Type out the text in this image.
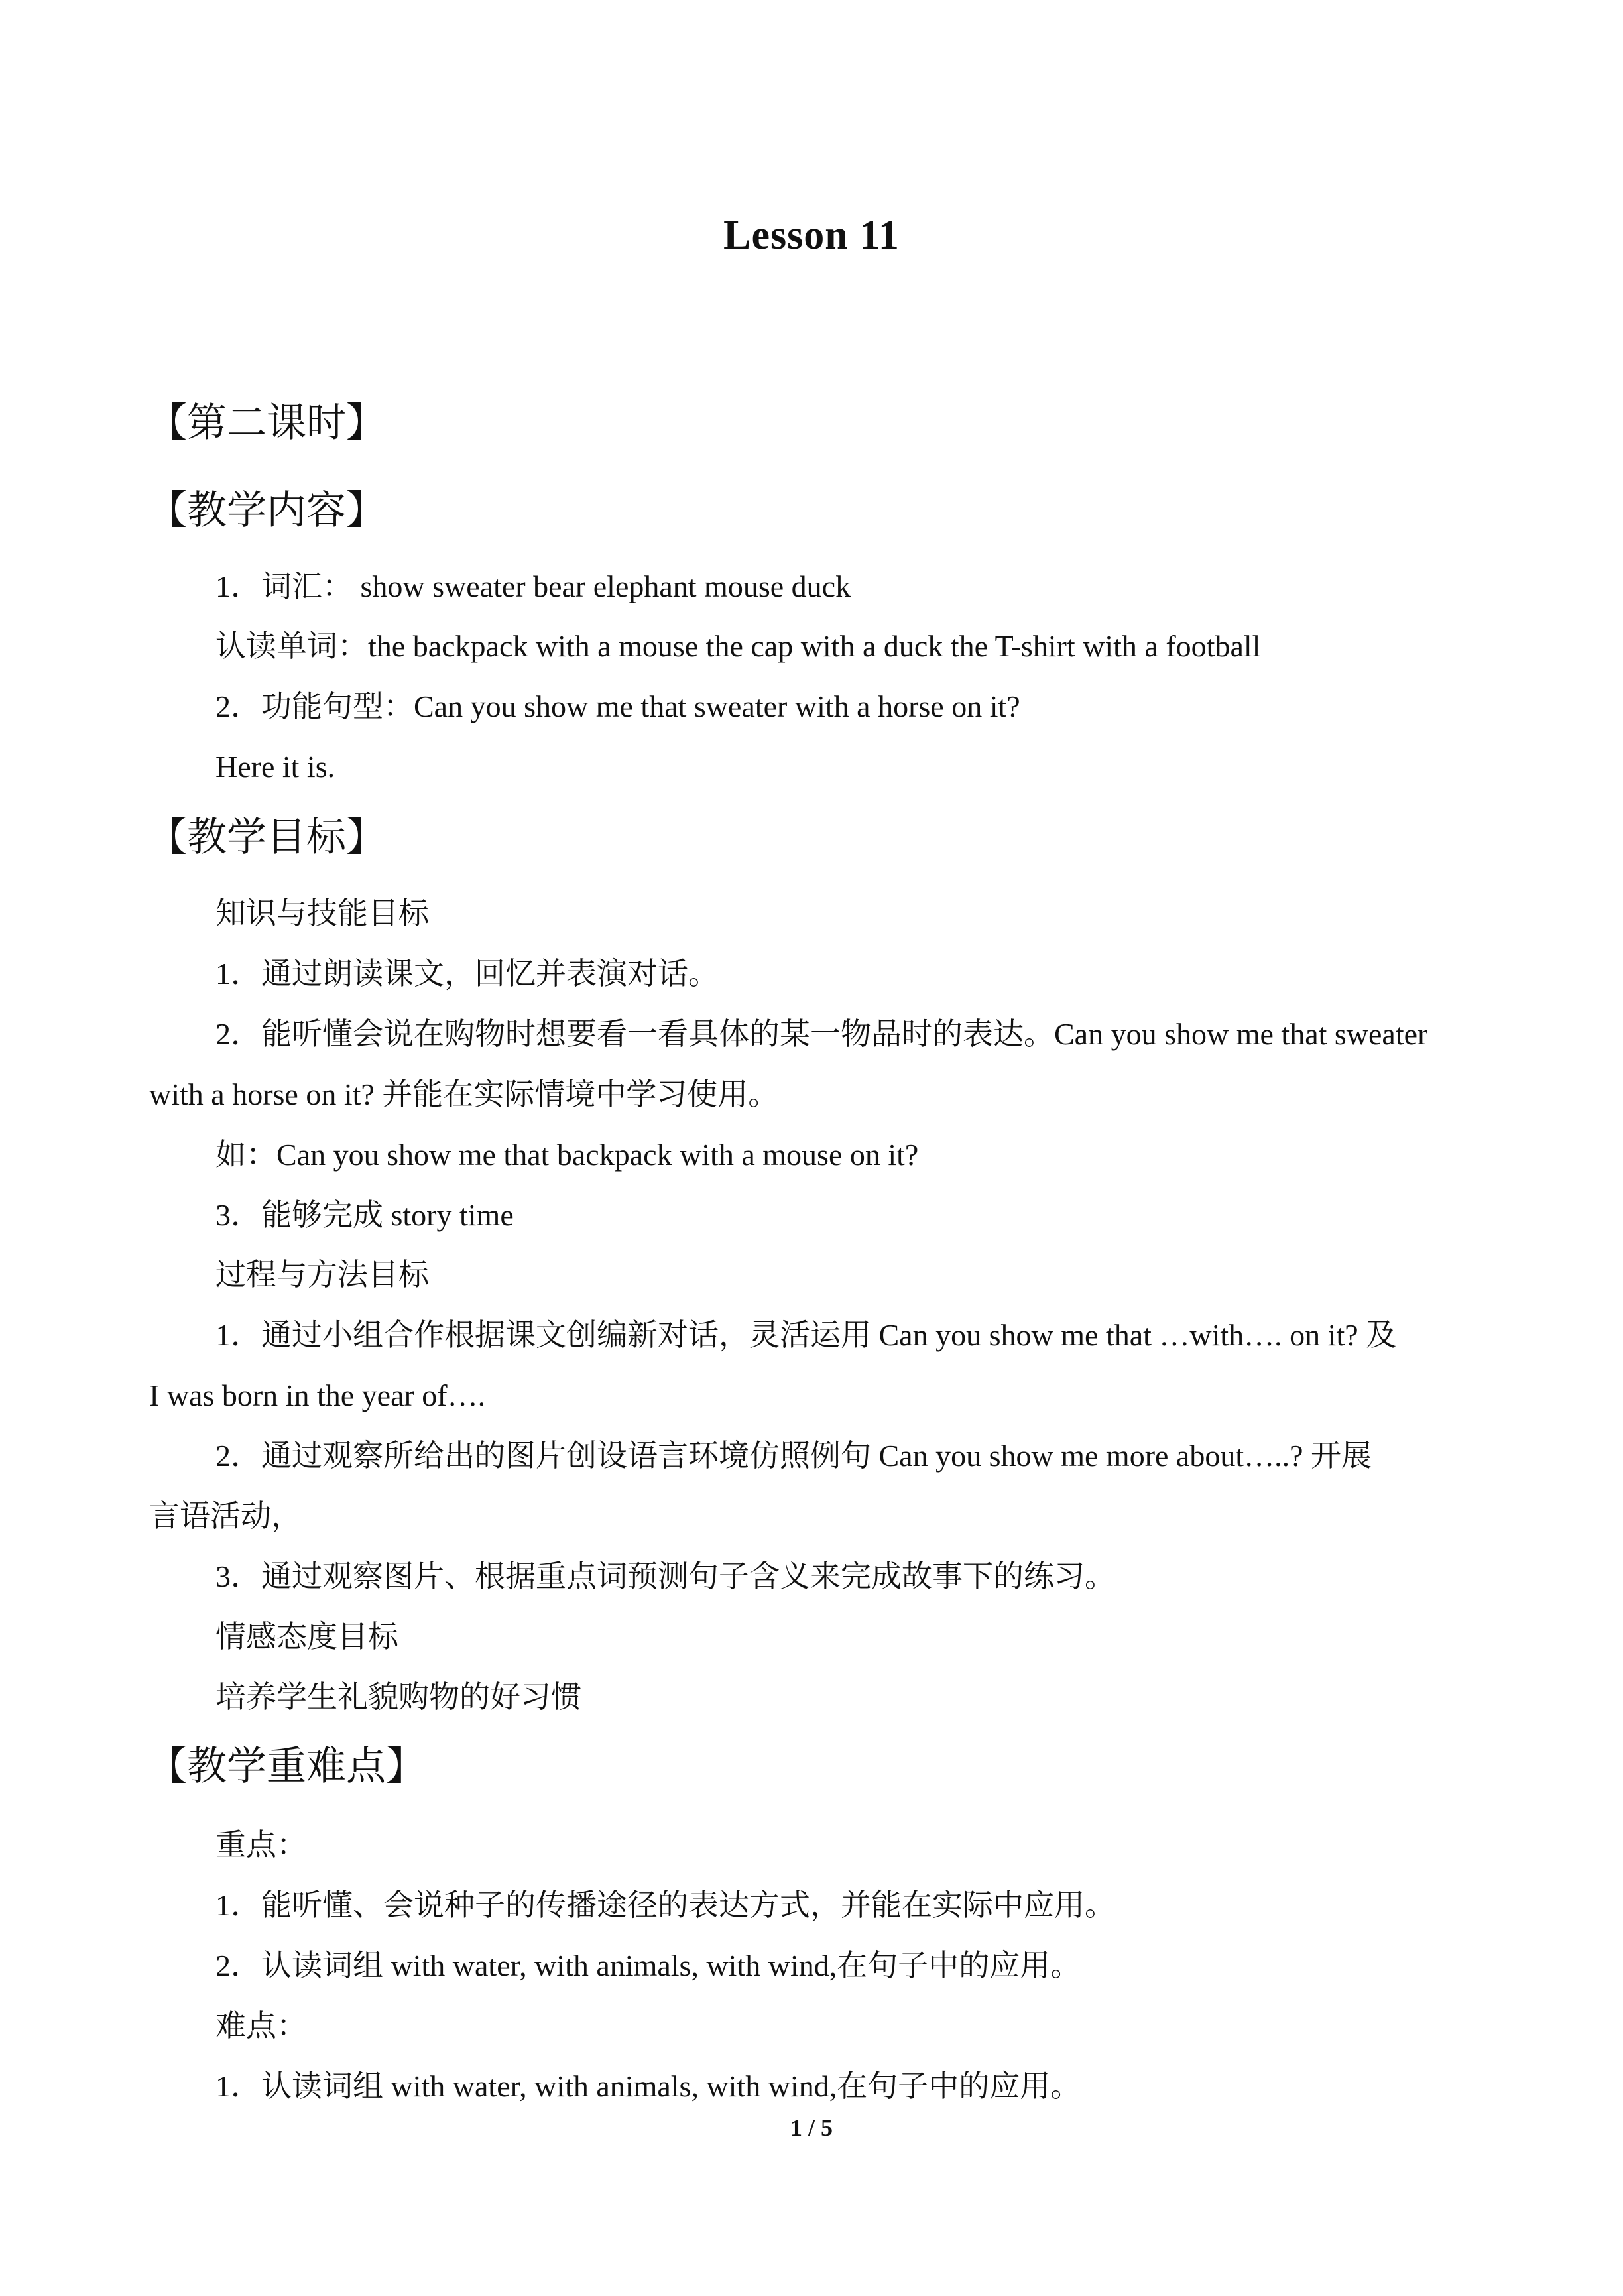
Lesson 11
【第二课时】
【教学内容】
1．词汇： show sweater bear elephant mouse duck
认读单词：the backpack with a mouse the cap with a duck the T-shirt with a football
2．功能句型：Can you show me that sweater with a horse on it?
Here it is.
【教学目标】
知识与技能目标
1．通过朗读课文，回忆并表演对话。
2．能听懂会说在购物时想要看一看具体的某一物品时的表达。Can you show me that sweater
with a horse on it? 并能在实际情境中学习使用。
如：Can you show me that backpack with a mouse on it?
3．能够完成 story time
过程与方法目标
1．通过小组合作根据课文创编新对话，灵活运用 Can you show me that …with…. on it? 及
I was born in the year of….
2．通过观察所给出的图片创设语言环境仿照例句 Can you show me more about…..? 开展
言语活动，
3．通过观察图片、根据重点词预测句子含义来完成故事下的练习。
情感态度目标
培养学生礼貌购物的好习惯
【教学重难点】
重点：
1．能听懂、会说种子的传播途径的表达方式，并能在实际中应用。
2．认读词组 with water, with animals, with wind,在句子中的应用。
难点：
1．认读词组 with water, with animals, with wind,在句子中的应用。
1 / 5
